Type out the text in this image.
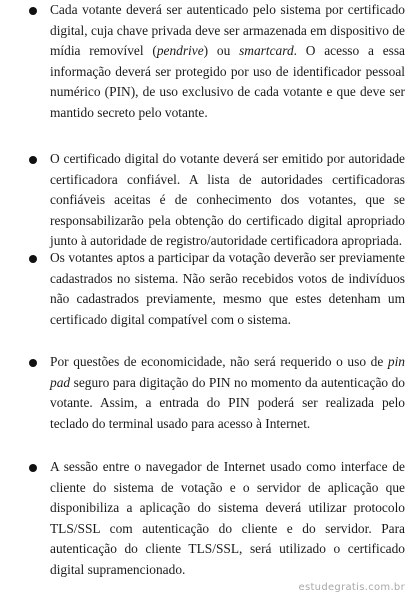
Cada votante deverá ser autenticado pelo sistema por certificado digital, cuja chave privada deve ser armazenada em dispositivo de mídia removível (pendrive) ou smartcard. O acesso a essa informação deverá ser protegido por uso de identificador pessoal numérico (PIN), de uso exclusivo de cada votante e que deve ser mantido secreto pelo votante.

O certificado digital do votante deverá ser emitido por autoridade certificadora confiável. A lista de autoridades certificadoras confiáveis aceitas é de conhecimento dos votantes, que se responsabilizarão pela obtenção do certificado digital apropriado junto à autoridade de registro/autoridade certificadora apropriada.

Os votantes aptos a participar da votação deverão ser previamente cadastrados no sistema. Não serão recebidos votos de indivíduos não cadastrados previamente, mesmo que estes detenham um certificado digital compatível com o sistema.

Por questões de economicidade, não será requerido o uso de pin pad seguro para digitação do PIN no momento da autenticação do votante. Assim, a entrada do PIN poderá ser realizada pelo teclado do terminal usado para acesso à Internet.

A sessão entre o navegador de Internet usado como interface de cliente do sistema de votação e o servidor de aplicação que disponibiliza a aplicação do sistema deverá utilizar protocolo TLS/SSL com autenticação do cliente e do servidor. Para autenticação do cliente TLS/SSL, será utilizado o certificado digital supramencionado.

estudegratis.com.br
